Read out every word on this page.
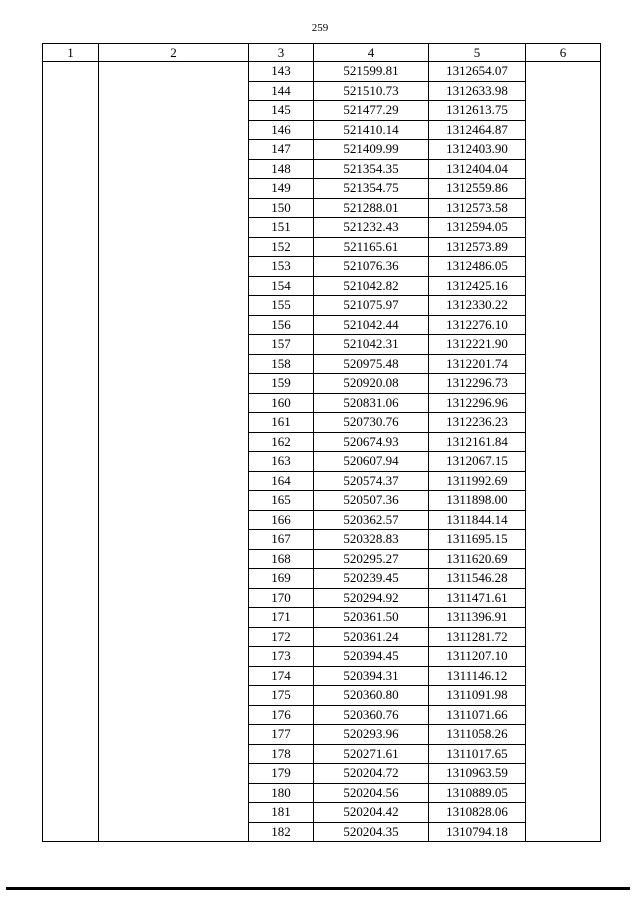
259
1	2	3	4	5	6
		143	521599.81	1312654.07	
		144	521510.73	1312633.98	
		145	521477.29	1312613.75	
		146	521410.14	1312464.87	
		147	521409.99	1312403.90	
		148	521354.35	1312404.04	
		149	521354.75	1312559.86	
		150	521288.01	1312573.58	
		151	521232.43	1312594.05	
		152	521165.61	1312573.89	
		153	521076.36	1312486.05	
		154	521042.82	1312425.16	
		155	521075.97	1312330.22	
		156	521042.44	1312276.10	
		157	521042.31	1312221.90	
		158	520975.48	1312201.74	
		159	520920.08	1312296.73	
		160	520831.06	1312296.96	
		161	520730.76	1312236.23	
		162	520674.93	1312161.84	
		163	520607.94	1312067.15	
		164	520574.37	1311992.69	
		165	520507.36	1311898.00	
		166	520362.57	1311844.14	
		167	520328.83	1311695.15	
		168	520295.27	1311620.69	
		169	520239.45	1311546.28	
		170	520294.92	1311471.61	
		171	520361.50	1311396.91	
		172	520361.24	1311281.72	
		173	520394.45	1311207.10	
		174	520394.31	1311146.12	
		175	520360.80	1311091.98	
		176	520360.76	1311071.66	
		177	520293.96	1311058.26	
		178	520271.61	1311017.65	
		179	520204.72	1310963.59	
		180	520204.56	1310889.05	
		181	520204.42	1310828.06	
		182	520204.35	1310794.18	
